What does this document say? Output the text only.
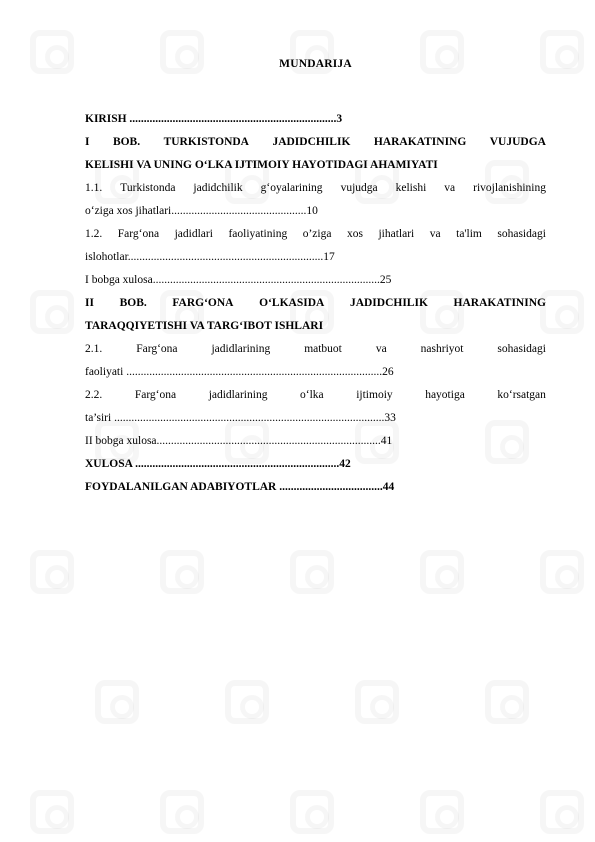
MUNDARIJA
KIRISH ........................................................................3
I BOB. TURKISTONDA JADIDCHILIK HARAKATINING VUJUDGA
KELISHI VA UNING O‘LKA IJTIMOIY HAYOTIDAGI AHAMIYATI
1.1. Turkistonda jadidchilik g‘oyalarining vujudga kelishi va rivojlanishining
o‘ziga xos jihatlari...............................................10
1.2. Farg‘ona jadidlari faoliyatining o’ziga xos jihatlari va ta'lim sohasidagi
islohotlar....................................................................17
I bobga xulosa...............................................................................25
II BOB. FARG‘ONA O‘LKASIDA JADIDCHILIK HARAKATINING
TARAQQIYETISHI VA TARG‘IBOT ISHLARI
2.1.	Farg‘ona	jadidlarining	matbuot	va	nashriyot	sohasidagi
faoliyati .........................................................................................26
2.2.	Farg‘ona	jadidlarining	o‘lka	ijtimoiy	hayotiga	ko‘rsatgan
ta’siri ..............................................................................................33
II bobga xulosa..............................................................................41
XULOSA .......................................................................42
FOYDALANILGAN ADABIYOTLAR ....................................44
